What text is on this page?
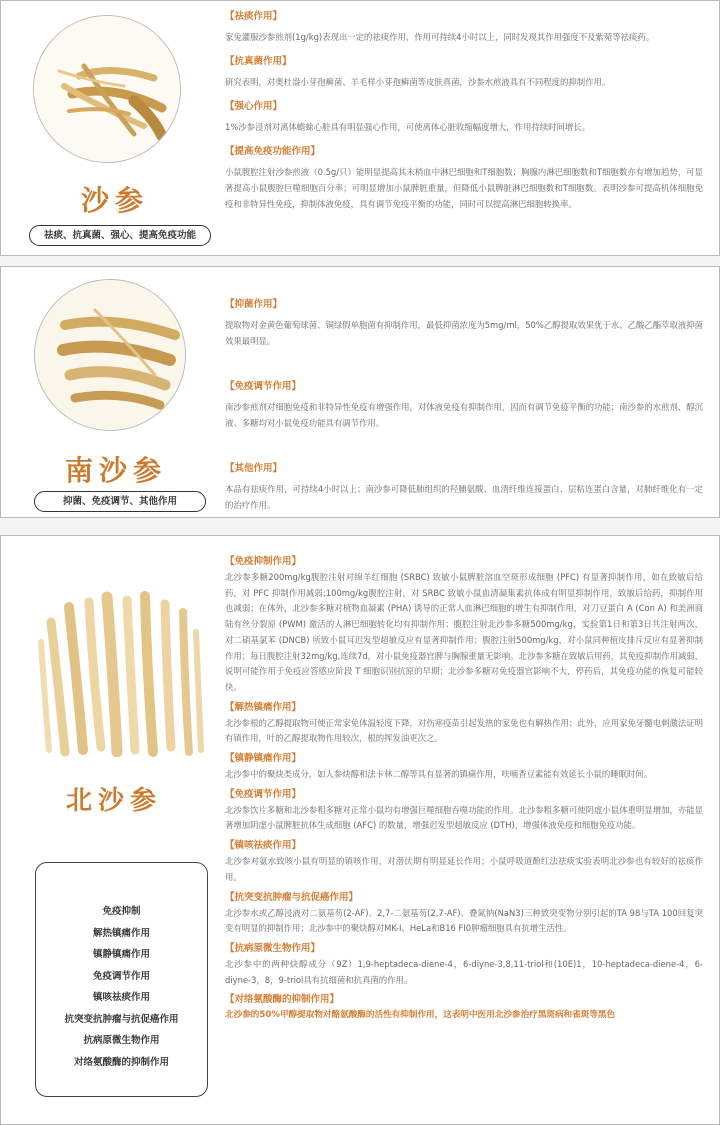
沙参
祛痰、抗真菌、强心、提高免疫功能

【祛痰作用】

家兔灌服沙参煎剂(1g/kg)表现出一定的祛痰作用，作用可持续4小时以上，同时发现其作用强度不及紫菀等祛痰药。

【抗真菌作用】

研究表明，对奥杜盎小芽孢癣菌、羊毛样小芽孢癣菌等皮肤真菌，沙参水煎液具有不同程度的抑制作用。

【强心作用】

1%沙参浸剂对离体蟾蜍心脏具有明显强心作用，可使离体心脏收缩幅度增大，作用持续时间增长。

【提高免疫功能作用】

小鼠腹腔注射沙参煎液（0.5g/只）能明显提高其末梢血中淋巴细胞和T细胞数；胸腺内淋巴细胞数和T细胞数亦有增加趋势，可显著提高小鼠腹腔巨噬细胞百分率；可明显增加小鼠脾脏重量，但降低小鼠脾脏淋巴细胞数和T细胞数。表明沙参可提高机体细胞免疫和非特异性免疫，抑制体液免疫，具有调节免疫平衡的功能，同时可以提高淋巴细胞转换率。

南沙参
抑菌、免疫调节、其他作用

【抑菌作用】

提取物对金黄色葡萄球菌、铜绿假单胞菌有抑制作用，最低抑菌浓度为5mg/ml，50%乙醇提取效果优于水、乙酸乙酯萃取液抑菌效果最明显。

【免疫调节作用】

南沙参煎剂对细胞免疫和非特异性免疫有增强作用，对体液免疫有抑制作用，因而有调节免疫平衡的功能；南沙参的水煎剂、醇沉液、多糖均对小鼠免疫功能具有调节作用。

【其他作用】

本品有祛痰作用，可持续4小时以上；南沙参可降低肺组织的羟脯氨酸、血清纤维连接蛋白、层粘连蛋白含量，对肺纤维化有一定的治疗作用。

北沙参
免疫抑制
解热镇痛作用
镇静镇痛作用
免疫调节作用
镇咳祛痰作用
抗突变抗肿瘤与抗促癌作用
抗病原微生物作用
对络氨酸酶的抑制作用

【免疫抑制作用】

北沙参多糖200mg/kg腹腔注射对绵羊红细胞 (SRBC) 致敏小鼠脾脏溶血空斑形成细胞 (PFC) 有显著抑制作用，如在致敏后给药，对 PFC 抑制作用减弱;100mg/kg腹腔注射，对 SRBC 致敏小鼠血清凝集素抗体成有明显抑制作用，致敏后给药，抑制作用也减弱；在体外，北沙参多糖对植物血凝素 (PHA) 诱导的正常人血淋巴细胞的增生有抑制作用，对刀豆蛋白 A (Con A) 和美洲商陆有丝分裂原 (PWM) 激活的人淋巴细胞转化均有抑制作用；腹腔注射北沙参多糖500mg/kg，实验第1日和第3日共注射两次，对二硝基氯苯 (DNCB) 所致小鼠耳迟发型超敏反应有显著抑制作用；腹腔注射500mg/kg，对小鼠同种植皮排斥反应有显著抑制作用；每日腹腔注射32mg/kg,连续7d，对小鼠免疫器官脾与胸腺重量无影响。北沙参多糖在致敏后用药，其免疫抑制作用减弱，说明可能作用于免疫应答感应阶段 T 细胞识别抗原的早期；北沙参多糖对免疫器官影响不大，停药后，其免疫功能的恢复可能较快。

【解热镇痛作用】

北沙参根的乙醇提取物可使正常家免体温轻度下降，对伤寒疫苗引起发热的家免也有解热作用；此外，应用家免牙髓电刺激法证明有镇作用，叶的乙醇提取物作用较次，根的挥发油更次之。

【镇静镇痛作用】

北沙参中的聚炔类成分，如人参炔醇和法卡林二醇等具有显著的镇痛作用，呋喃香豆素能有效延长小鼠的睡眠时间。

【免疫调节作用】

北沙参饮片多糖和北沙参粗多糖对正常小鼠均有增强巨噬细胞吞噬功能的作用。北沙参粗多糖可使阴虚小鼠体重明显增加，亦能显著增加阴虚小鼠脾脏抗体生成细胞 (AFC) 的数量，增强迟发型超敏反应 (DTH)，增强体液免疫和细胞免疫功能。

【镇咳祛痰作用】

北沙参对氨水致咳小鼠有明显的镇咳作用，对潜伏期有明显延长作用；小鼠呼吸道酚红法祛痰实验表明北沙参也有较好的祛痰作用。

【抗突变抗肿瘤与抗促癌作用】

北沙参水或乙醇浸液对二氨基芴(2-AF)、2,7-二氨基芴(2,7-AF)、叠氮钠(NaN3)三种致突变物分别引起的TA 98与TA 100回复突变有明显的抑制作用；北沙参中的聚炔醇对MK-I、HeLa和B16 FI0肿瘤细胞具有抗增生活性。

【抗病原微生物作用】

北沙参中的两种炔醇成分（9Z）1,9-heptadeca-diene-4，6-diyne-3,8,11-triol和(10E)1，10-heptadeca-diene-4，6-diyne-3，8，9-triol具有抗细菌和抗真菌的作用。

【对络氨酸酶的抑制作用】

北沙参的50%甲醇提取物对酪氨酸酶的活性有抑制作用，这表明中医用北沙参治疗黑斑病和雀斑等黑色
